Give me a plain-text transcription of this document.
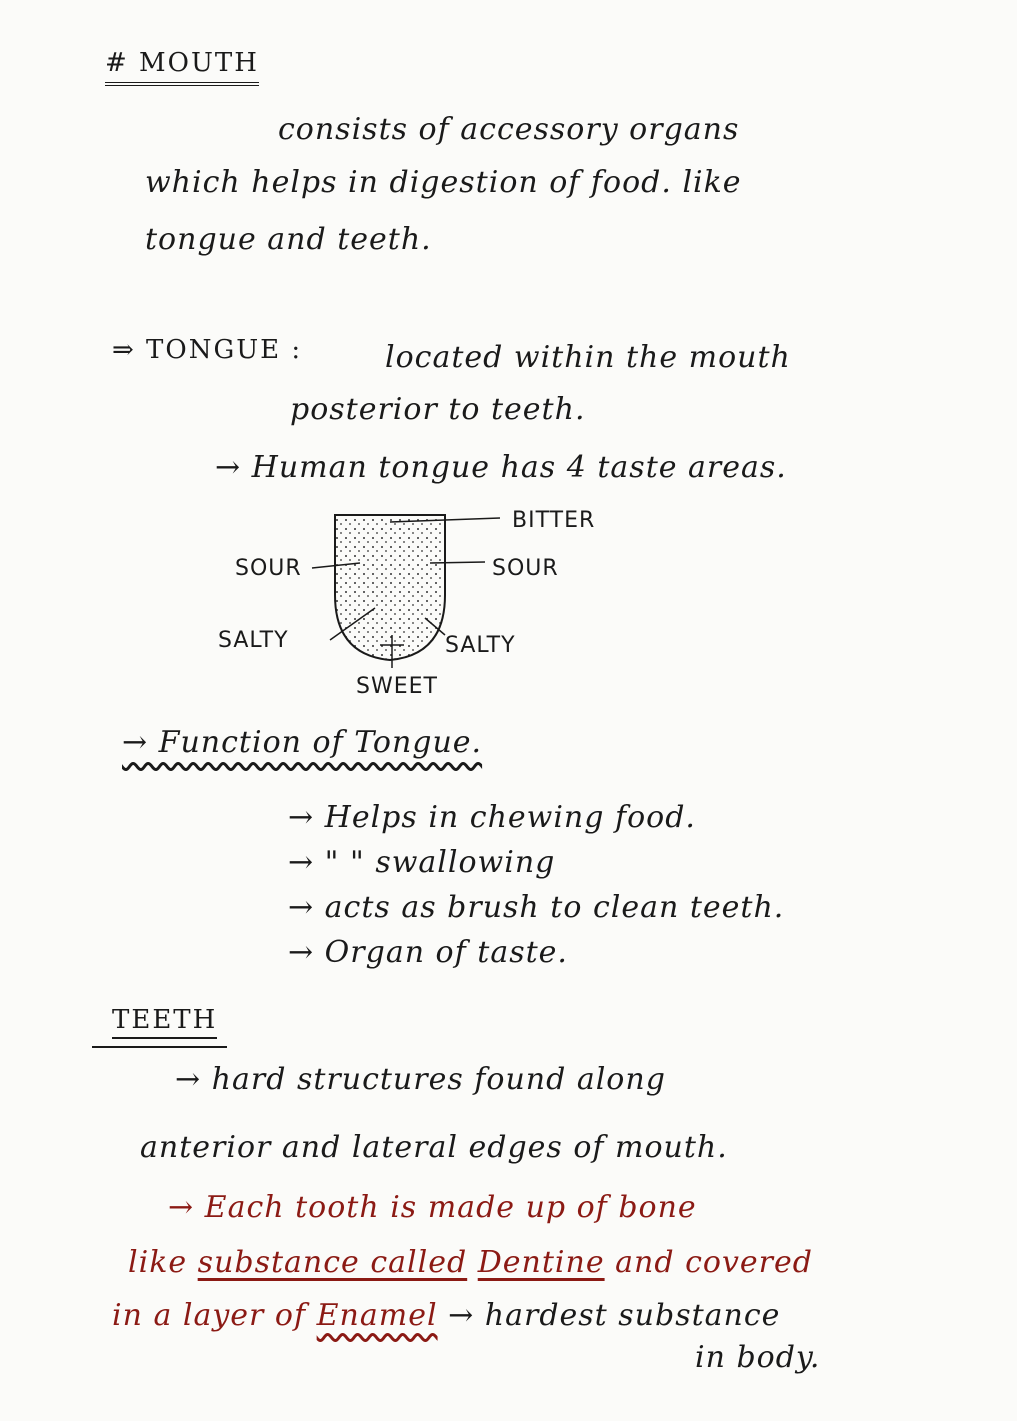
# MOUTH
consists of accessory organs
which helps in digestion of food. like
tongue and teeth.
⇒ TONGUE :	located within the mouth
posterior to teeth.
→ Human tongue has 4 taste areas.
BITTER
SOUR	SOUR
SALTY	SALTY
SWEET
→ Function of Tongue.
→ Helps in chewing food.
→ " " swallowing
→ acts as brush to clean teeth.
→ Organ of taste.
TEETH
→ hard structures found along
anterior and lateral edges of mouth.
→ Each tooth is made up of bone
like substance called Dentine and covered
in a layer of Enamel → hardest substance
in body.
